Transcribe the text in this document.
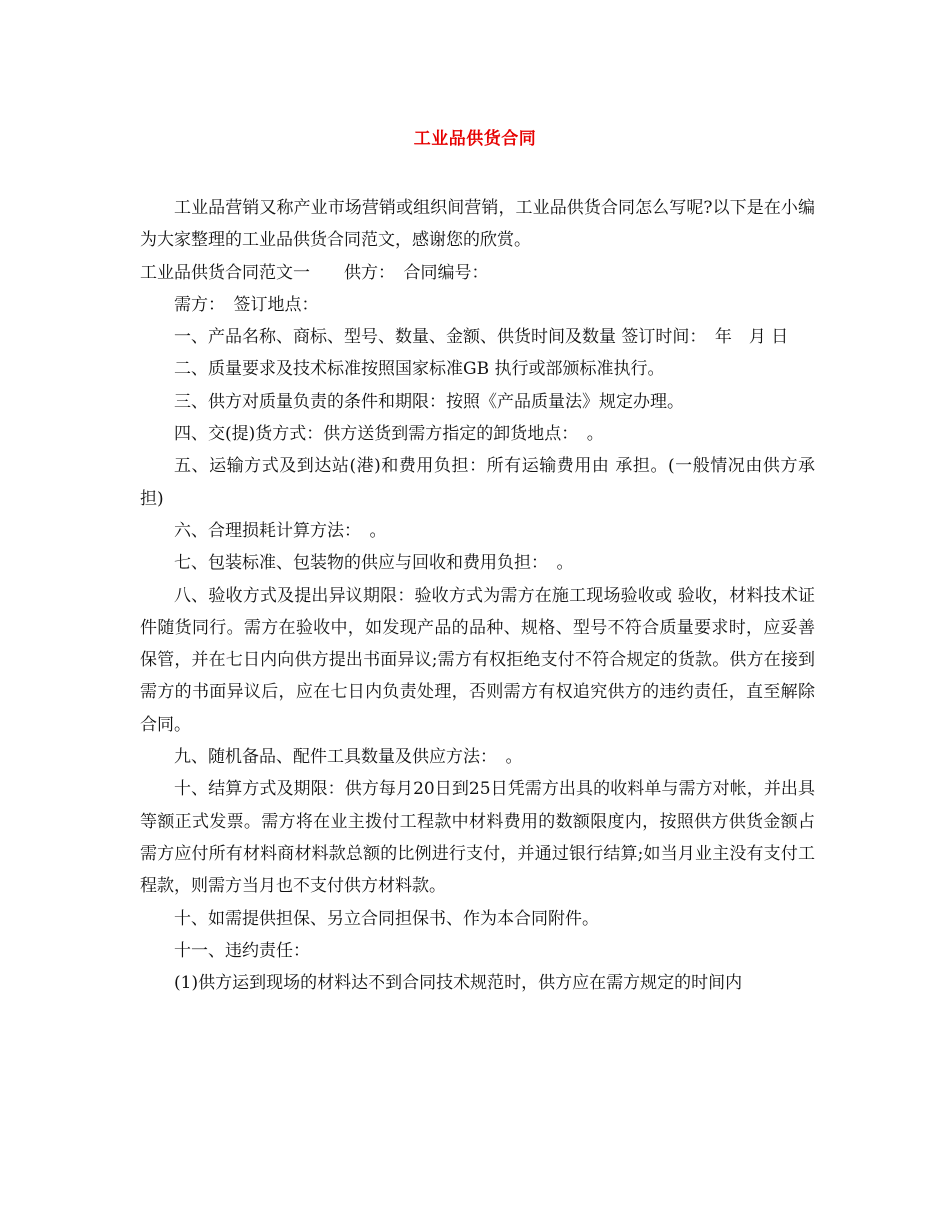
工业品供货合同

工业品营销又称产业市场营销或组织间营销，工业品供货合同怎么写呢?以下是在小编为大家整理的工业品供货合同范文，感谢您的欣赏。

工业品供货合同范文一　　供方：　合同编号：

需方：　签订地点：

一、产品名称、商标、型号、数量、金额、供货时间及数量 签订时间：　年　月 日

二、质量要求及技术标准按照国家标准GB 执行或部颁标准执行。

三、供方对质量负责的条件和期限：按照《产品质量法》规定办理。

四、交(提)货方式：供方送货到需方指定的卸货地点：　。

五、运输方式及到达站(港)和费用负担：所有运输费用由 承担。(一般情况由供方承担)

六、合理损耗计算方法：　。

七、包装标准、包装物的供应与回收和费用负担：　。

八、验收方式及提出异议期限：验收方式为需方在施工现场验收或 验收，材料技术证件随货同行。需方在验收中，如发现产品的品种、规格、型号不符合质量要求时，应妥善保管，并在七日内向供方提出书面异议;需方有权拒绝支付不符合规定的货款。供方在接到需方的书面异议后，应在七日内负责处理，否则需方有权追究供方的违约责任，直至解除合同。

九、随机备品、配件工具数量及供应方法：　。

十、结算方式及期限：供方每月20日到25日凭需方出具的收料单与需方对帐，并出具等额正式发票。需方将在业主拨付工程款中材料费用的数额限度内，按照供方供货金额占需方应付所有材料商材料款总额的比例进行支付，并通过银行结算;如当月业主没有支付工程款，则需方当月也不支付供方材料款。

十、如需提供担保、另立合同担保书、作为本合同附件。

十一、违约责任：

(1)供方运到现场的材料达不到合同技术规范时，供方应在需方规定的时间内
